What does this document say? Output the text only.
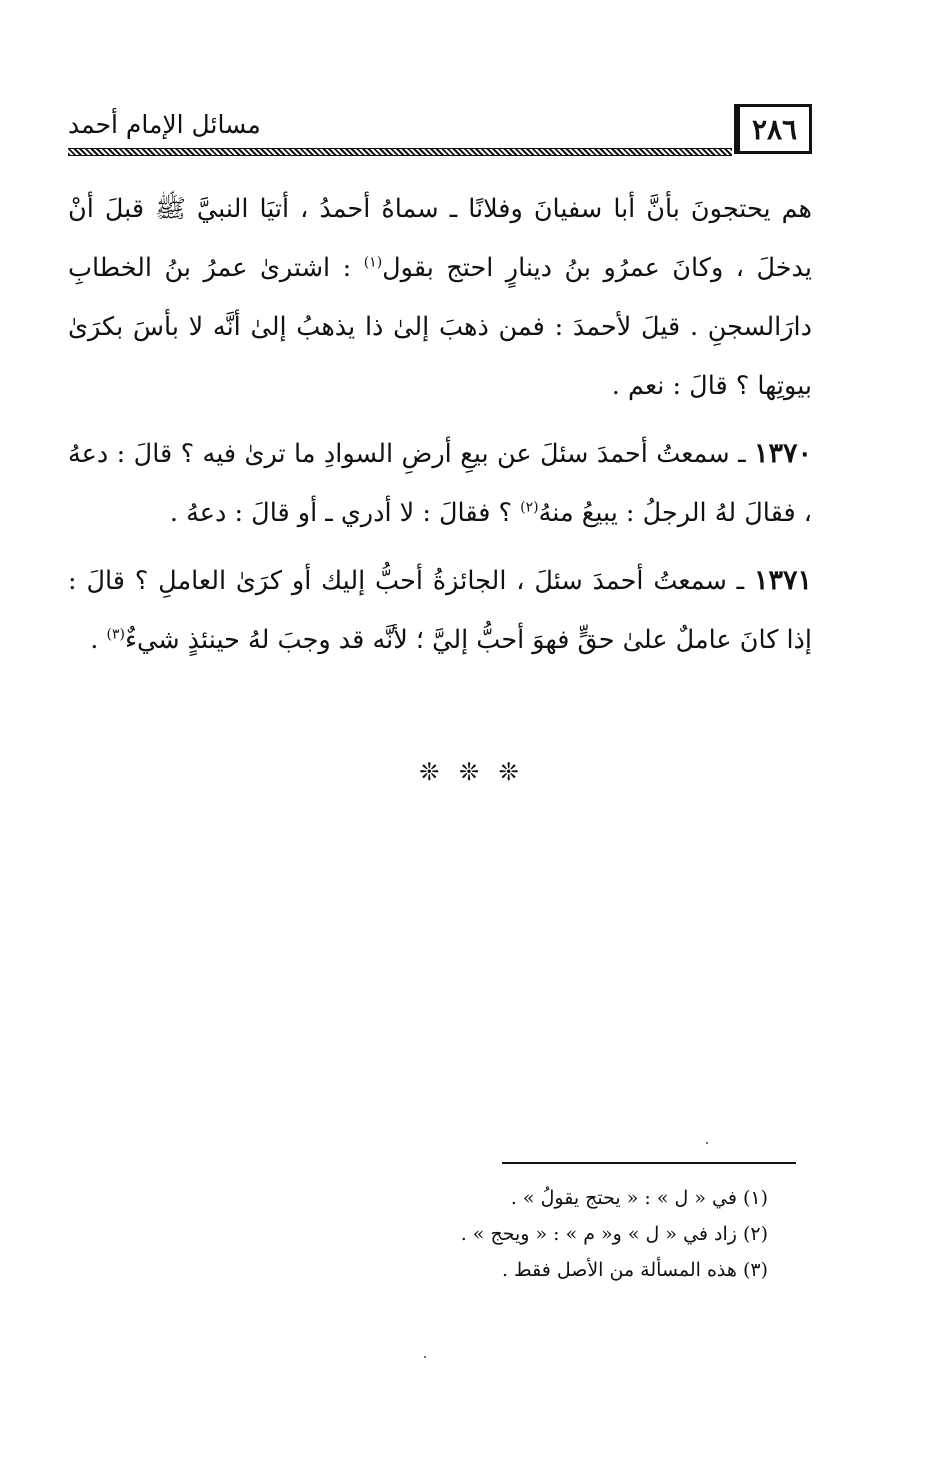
٢٨٦
مسائل الإمام أحمد

هم يحتجونَ بأنَّ أبا سفيانَ وفلانًا ـ سماهُ أحمدُ ، أتيَا النبيَّ ﷺ قبلَ أنْ يدخلَ ، وكانَ عمرُو بنُ دينارٍ احتج بقول$^{(١)}$ : اشترىٰ عمرُ بنُ الخطابِ دارَالسجنِ . قيلَ لأحمدَ : فمن ذهبَ إلىٰ ذا يذهبُ إلىٰ أنَّه لا بأسَ بكرَىٰ بيوتِها ؟ قالَ : نعم .

١٣٧٠ ـ سمعتُ أحمدَ سئلَ عن بيعِ أرضِ السوادِ ما ترىٰ فيه ؟ قالَ : دعهُ ، فقالَ لهُ الرجلُ : يبيعُ منهُ$^{(٢)}$ ؟ فقالَ : لا أدري ـ أو قالَ : دعهُ .

١٣٧١ ـ سمعتُ أحمدَ سئلَ ، الجائزةُ أحبُّ إليك أو كرَىٰ العاملِ ؟ قالَ : إذا كانَ عاملٌ علىٰ حقٍّ فهوَ أحبُّ إليَّ ؛ لأنَّه قد وجبَ لهُ حينئذٍ شيءٌ$^{(٣)}$ .

❊ ❊ ❊

(١)في « ل » : « يحتج يقولُ » .

(٢)زاد في « ل » و« م » : « ويحج » .

(٣)هذه المسألة من الأصل فقط .
